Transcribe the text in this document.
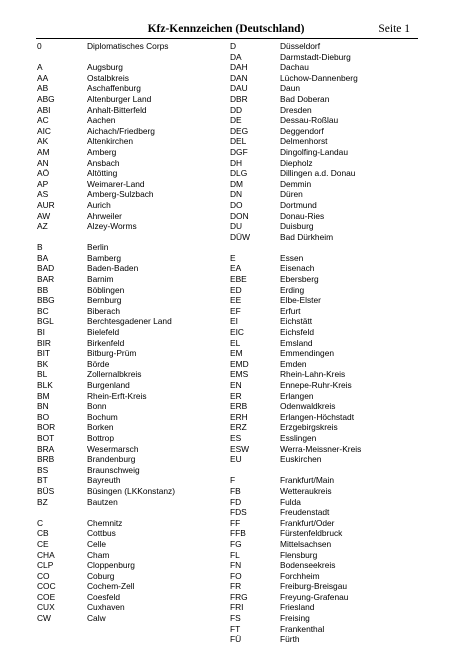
Kfz-Kennzeichen (Deutschland)	Seite 1
0	Diplomatisches Corps
A	Augsburg
AA	Ostalbkreis
AB	Aschaffenburg
ABG	Altenburger Land
ABI	Anhalt-Bitterfeld
AC	Aachen
AIC	Aichach/Friedberg
AK	Altenkirchen
AM	Amberg
AN	Ansbach
AÖ	Altötting
AP	Weimarer-Land
AS	Amberg-Sulzbach
AUR	Aurich
AW	Ahrweiler
AZ	Alzey-Worms
B	Berlin
BA	Bamberg
BAD	Baden-Baden
BAR	Barnim
BB	Böblingen
BBG	Bernburg
BC	Biberach
BGL	Berchtesgadener Land
BI	Bielefeld
BIR	Birkenfeld
BIT	Bitburg-Prüm
BK	Börde
BL	Zollernalbkreis
BLK	Burgenland
BM	Rhein-Erft-Kreis
BN	Bonn
BO	Bochum
BOR	Borken
BOT	Bottrop
BRA	Wesermarsch
BRB	Brandenburg
BS	Braunschweig
BT	Bayreuth
BÜS	Büsingen (LKKonstanz)
BZ	Bautzen
C	Chemnitz
CB	Cottbus
CE	Celle
CHA	Cham
CLP	Cloppenburg
CO	Coburg
COC	Cochem-Zell
COE	Coesfeld
CUX	Cuxhaven
CW	Calw
D	Düsseldorf
DA	Darmstadt-Dieburg
DAH	Dachau
DAN	Lüchow-Dannenberg
DAU	Daun
DBR	Bad Doberan
DD	Dresden
DE	Dessau-Roßlau
DEG	Deggendorf
DEL	Delmenhorst
DGF	Dingolfing-Landau
DH	Diepholz
DLG	Dillingen a.d. Donau
DM	Demmin
DN	Düren
DO	Dortmund
DON	Donau-Ries
DU	Duisburg
DÜW	Bad Dürkheim
E	Essen
EA	Eisenach
EBE	Ebersberg
ED	Erding
EE	Elbe-Elster
EF	Erfurt
EI	Eichstätt
EIC	Eichsfeld
EL	Emsland
EM	Emmendingen
EMD	Emden
EMS	Rhein-Lahn-Kreis
EN	Ennepe-Ruhr-Kreis
ER	Erlangen
ERB	Odenwaldkreis
ERH	Erlangen-Höchstadt
ERZ	Erzgebirgskreis
ES	Esslingen
ESW	Werra-Meissner-Kreis
EU	Euskirchen
F	Frankfurt/Main
FB	Wetteraukreis
FD	Fulda
FDS	Freudenstadt
FF	Frankfurt/Oder
FFB	Fürstenfeldbruck
FG	Mittelsachsen
FL	Flensburg
FN	Bodenseekreis
FO	Forchheim
FR	Freiburg-Breisgau
FRG	Freyung-Grafenau
FRI	Friesland
FS	Freising
FT	Frankenthal
FÜ	Fürth
